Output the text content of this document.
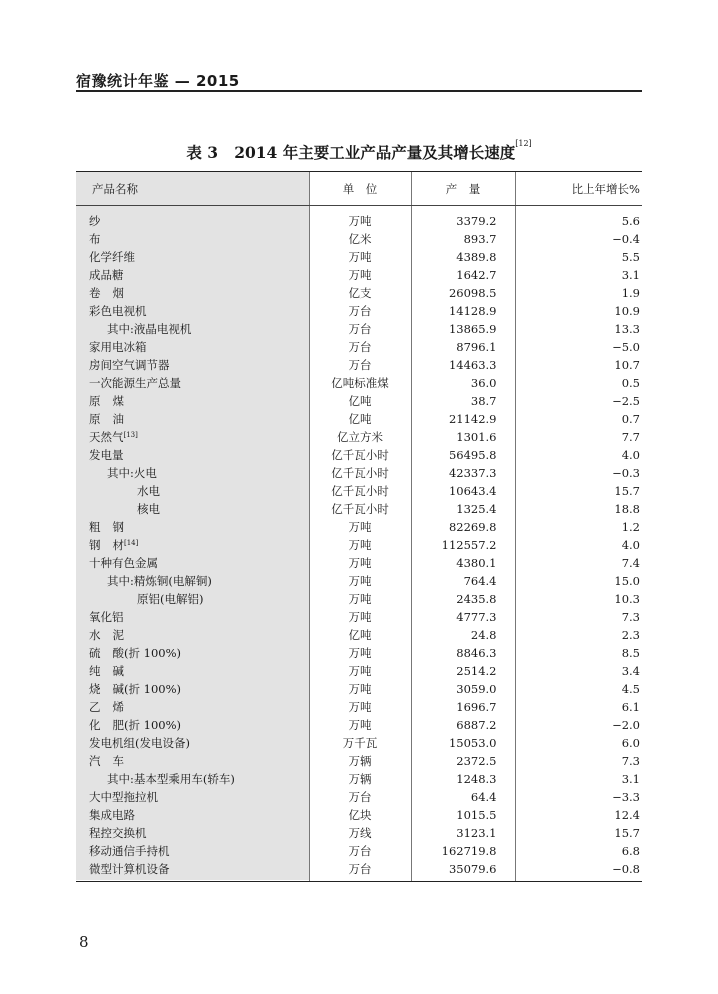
宿豫统计年鉴 — 2015
表 3 2014 年主要工业产品产量及其增长速度[12]
产品名称	单　位	产　量	比上年增长%
纱	万吨	3379.2	5.6
布	亿米	893.7	−0.4
化学纤维	万吨	4389.8	5.5
成品糖	万吨	1642.7	3.1
卷烟	亿支	26098.5	1.9
彩色电视机	万台	14128.9	10.9
其中:液晶电视机	万台	13865.9	13.3
家用电冰箱	万台	8796.1	−5.0
房间空气调节器	万台	14463.3	10.7
一次能源生产总量	亿吨标准煤	36.0	0.5
原煤	亿吨	38.7	−2.5
原油	亿吨	21142.9	0.7
天然气[13]	亿立方米	1301.6	7.7
发电量	亿千瓦小时	56495.8	4.0
其中:火电	亿千瓦小时	42337.3	−0.3
水电	亿千瓦小时	10643.4	15.7
核电	亿千瓦小时	1325.4	18.8
粗钢	万吨	82269.8	1.2
钢材[14]	万吨	112557.2	4.0
十种有色金属	万吨	4380.1	7.4
其中:精炼铜(电解铜)	万吨	764.4	15.0
原铝(电解铝)	万吨	2435.8	10.3
氧化铝	万吨	4777.3	7.3
水泥	亿吨	24.8	2.3
硫酸(折 100%)	万吨	8846.3	8.5
纯碱	万吨	2514.2	3.4
烧碱(折 100%)	万吨	3059.0	4.5
乙烯	万吨	1696.7	6.1
化肥(折 100%)	万吨	6887.2	−2.0
发电机组(发电设备)	万千瓦	15053.0	6.0
汽车	万辆	2372.5	7.3
其中:基本型乘用车(轿车)	万辆	1248.3	3.1
大中型拖拉机	万台	64.4	−3.3
集成电路	亿块	1015.5	12.4
程控交换机	万线	3123.1	15.7
移动通信手持机	万台	162719.8	6.8
微型计算机设备	万台	35079.6	−0.8
8
